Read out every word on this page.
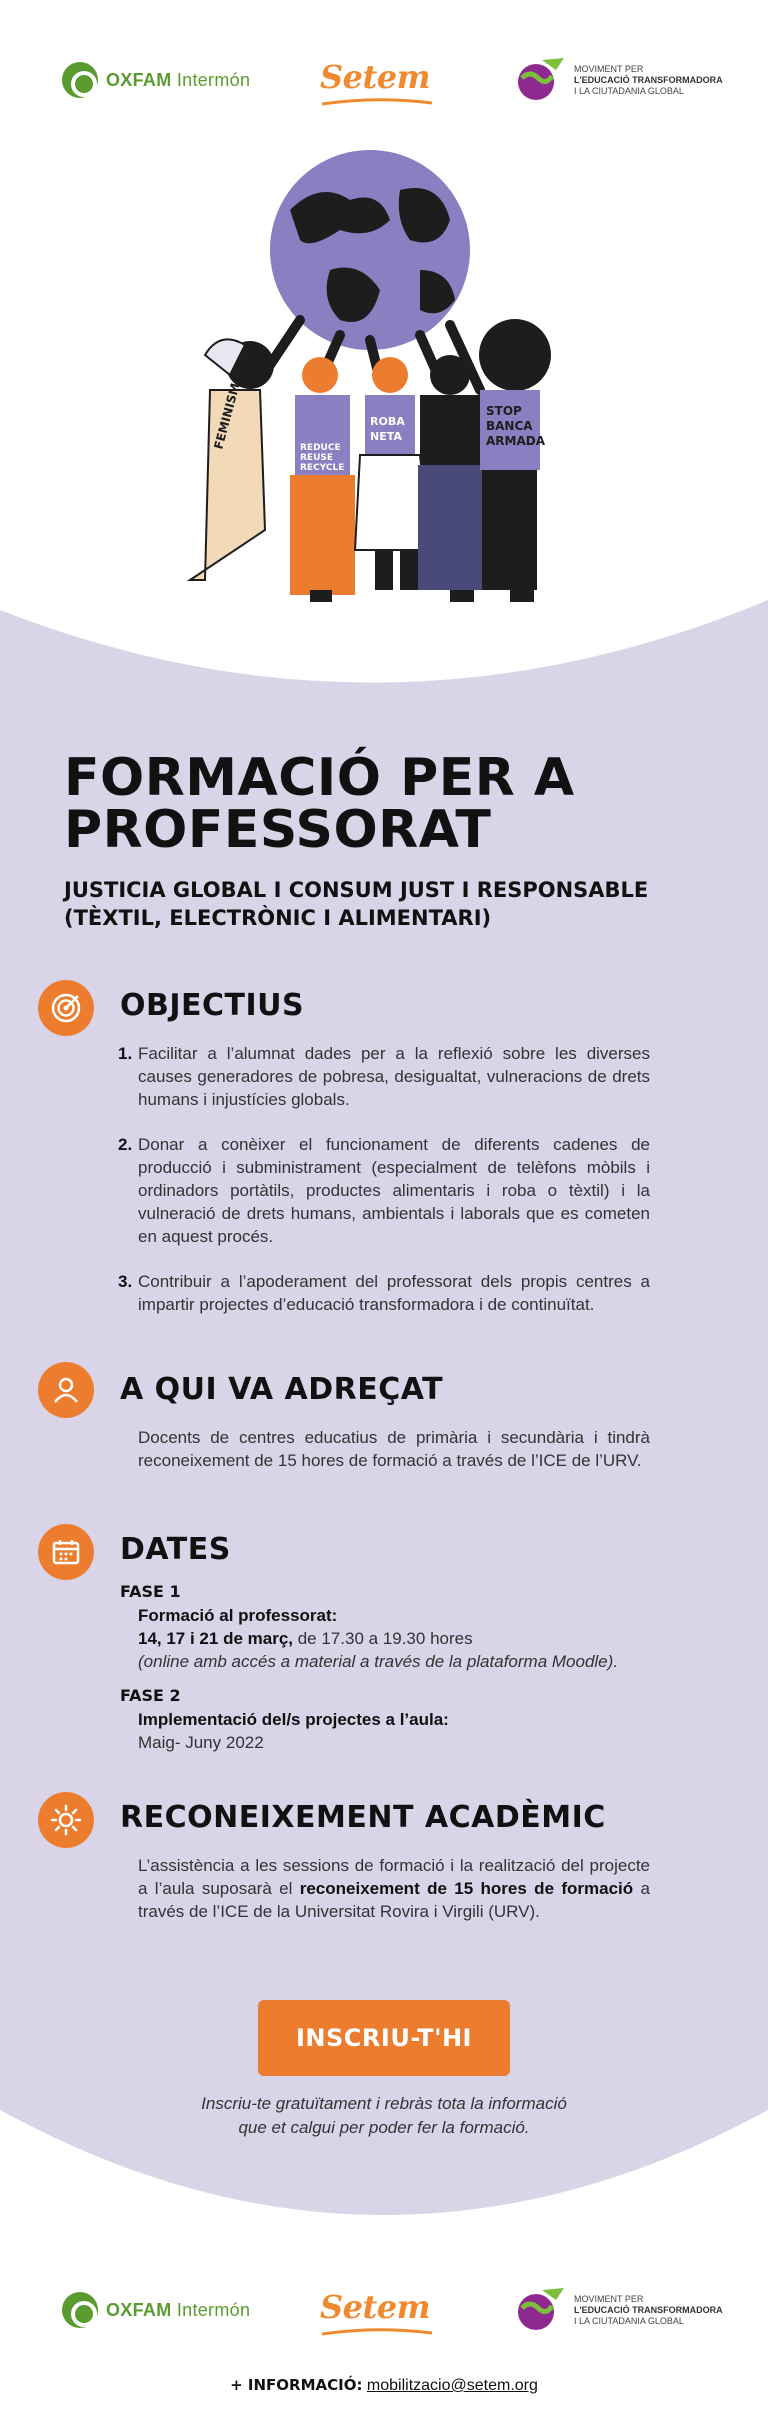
OXFAM Intermón Setem	MOVIMENT PER
L'EDUCACIÓ TRANSFORMADORA
I LA CIUTADANIA GLOBAL
FEMINISM	REDUCE
REUSE
RECYCLE
ROBA
NETA
STOP
BANCA
ARMADA
FORMACIÓ PER A PROFESSORAT
JUSTICIA GLOBAL I CONSUM JUST I RESPONSABLE (TÈXTIL, ELECTRÒNIC I ALIMENTARI)
OBJECTIUS
1. Facilitar a l’alumnat dades per a la reflexió sobre les diverses causes generadores de pobresa, desigualtat, vulneracions de drets humans i injustícies globals.
2. Donar a conèixer el funcionament de diferents cadenes de producció i subministrament (especialment de telèfons mòbils i ordinadors portàtils, productes alimentaris i roba o tèxtil) i la vulneració de drets humans, ambientals i laborals que es cometen en aquest procés.
3. Contribuir a l’apoderament del professorat dels propis centres a impartir projectes d’educació transformadora i de continuïtat.
A QUI VA ADREÇAT
Docents de centres educatius de primària i secundària i tindrà reconeixement de 15 hores de formació a través de l’ICE de l’URV.
DATES
FASE 1
Formació al professorat:
14, 17 i 21 de març, de 17.30 a 19.30 hores
(online amb accés a material a través de la plataforma Moodle).
FASE 2
Implementació del/s projectes a l’aula:
Maig- Juny 2022
RECONEIXEMENT ACADÈMIC
L’assistència a les sessions de formació i la realització del projecte a l’aula suposarà el reconeixement de 15 hores de formació a través de l’ICE de la Universitat Rovira i Virgili (URV).
INSCRIU-T'HI
Inscriu-te gratuïtament i rebràs tota la informació
que et calgui per poder fer la formació.
OXFAM Intermón Setem	MOVIMENT PER
L'EDUCACIÓ TRANSFORMADORA
I LA CIUTADANIA GLOBAL
+ INFORMACIÓ: mobilitzacio@setem.org
